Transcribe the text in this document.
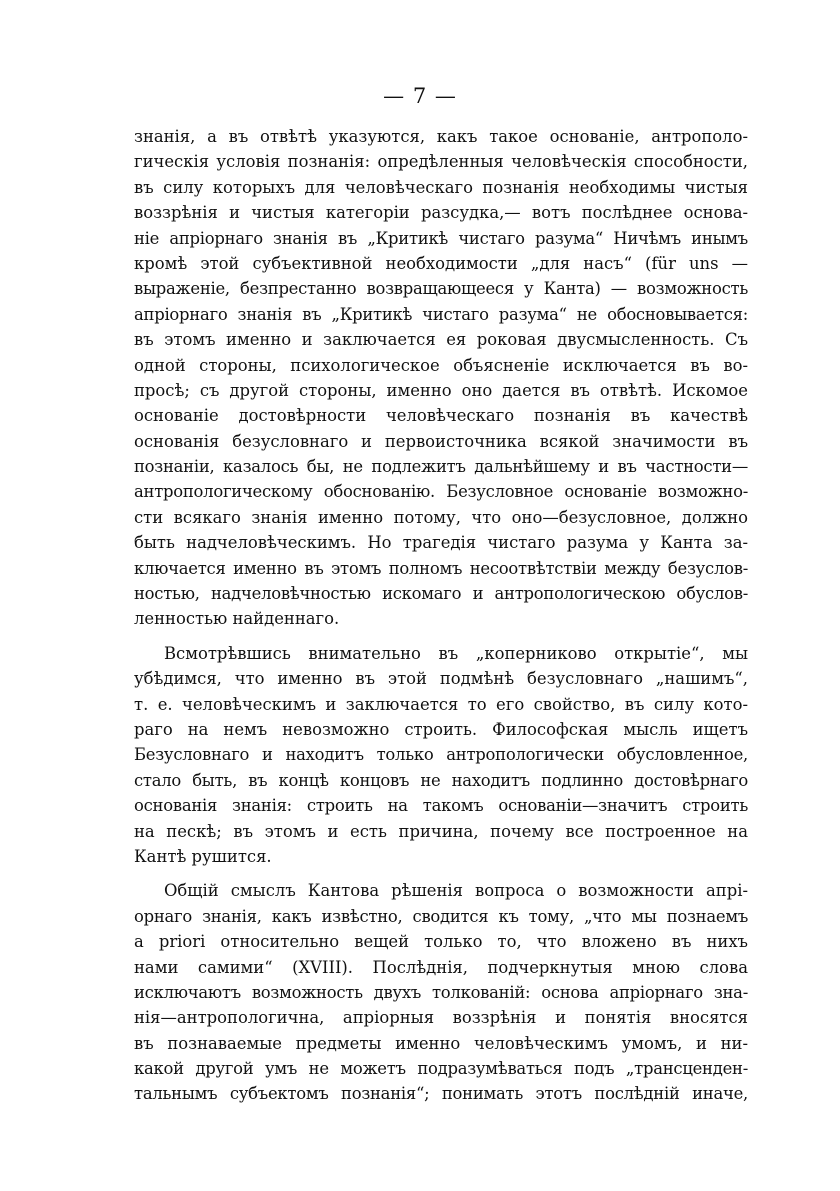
— 7 —
знанія, а въ отвѣтѣ указуются, какъ такое основаніе, антрополо-
гическія условія познанія: опредѣленныя человѣческія способности,
въ силу которыхъ для человѣческаго познанія необходимы чистыя
воззрѣнія и чистыя категоріи разсудка,— вотъ послѣднее основа-
ніе апріорнаго знанія въ „Критикѣ чистаго разума“ Ничѣмъ инымъ
кромѣ этой субъективной необходимости „для насъ“ (für uns —
выраженіе, безпрестанно возвращающееся у Канта) — возможность
апріорнаго знанія въ „Критикѣ чистаго разума“ не обосновывается:
въ этомъ именно и заключается ея роковая двусмысленность. Съ
одной стороны, психологическое объясненіе исключается въ во-
просѣ; съ другой стороны, именно оно дается въ отвѣтѣ. Искомое
основаніе достовѣрности человѣческаго познанія въ качествѣ
основанія безусловнаго и первоисточника всякой значимости въ
познаніи, казалось бы, не подлежитъ дальнѣйшему и въ частности—
антропологическому обоснованію. Безусловное основаніе возможно-
сти всякаго знанія именно потому, что оно—безусловное, должно
быть надчеловѣческимъ. Но трагедія чистаго разума у Канта за-
ключается именно въ этомъ полномъ несоотвѣтствіи между безуслов-
ностью, надчеловѣчностью искомаго и антропологическою обуслов-
ленностью найденнаго.
Всмотрѣвшись внимательно въ „коперниково открытіе“, мы
убѣдимся, что именно въ этой подмѣнѣ безусловнаго „нашимъ“,
т. е. человѣческимъ и заключается то его свойство, въ силу кото-
раго на немъ невозможно строить. Философская мысль ищетъ
Безусловнаго и находитъ только антропологически обусловленное,
стало быть, въ концѣ концовъ не находитъ подлинно достовѣрнаго
основанія знанія: строить на такомъ основаніи—значитъ строить
на пескѣ; въ этомъ и есть причина, почему все построенное на
Кантѣ рушится.
Общій смыслъ Кантова рѣшенія вопроса о возможности апрі-
орнаго знанія, какъ извѣстно, сводится къ тому, „что мы познаемъ
a priori относительно вещей только то, что вложено въ нихъ
нами самими“ (XVIII). Послѣднія, подчеркнутыя мною слова
исключаютъ возможность двухъ толкованій: основа апріорнаго зна-
нія—антропологична, апріорныя воззрѣнія и понятія вносятся
въ познаваемые предметы именно человѣческимъ умомъ, и ни-
какой другой умъ не можетъ подразумѣваться подъ „трансценден-
тальнымъ субъектомъ познанія“; понимать этотъ послѣдній иначе,
